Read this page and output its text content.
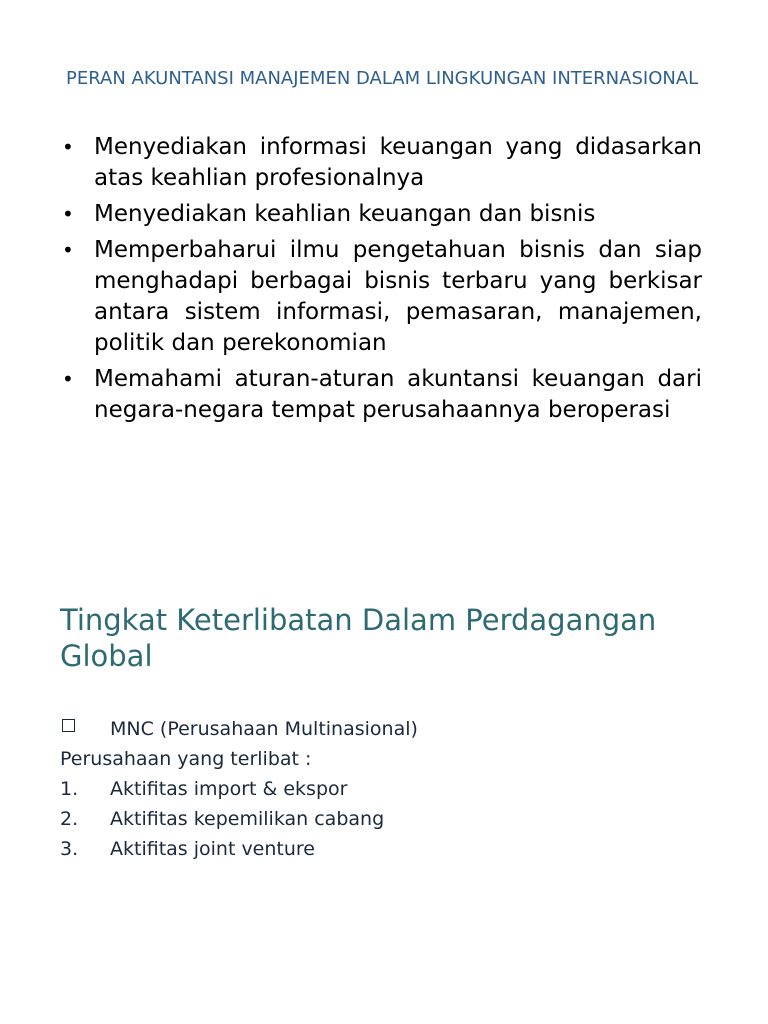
PERAN AKUNTANSI MANAJEMEN DALAM LINGKUNGAN INTERNASIONAL
• Menyediakan informasi keuangan yang didasarkan atas keahlian profesionalnya
• Menyediakan keahlian keuangan dan bisnis
• Memperbaharui ilmu pengetahuan bisnis dan siap menghadapi berbagai bisnis terbaru yang berkisar antara sistem informasi, pemasaran, manajemen, politik dan perekonomian
• Memahami aturan-aturan akuntansi keuangan dari negara-negara tempat perusahaannya beroperasi
Tingkat Keterlibatan Dalam Perdagangan Global
MNC (Perusahaan Multinasional)
Perusahaan yang terlibat :
1. Aktifitas import & ekspor
2. Aktifitas kepemilikan cabang
3. Aktifitas joint venture
